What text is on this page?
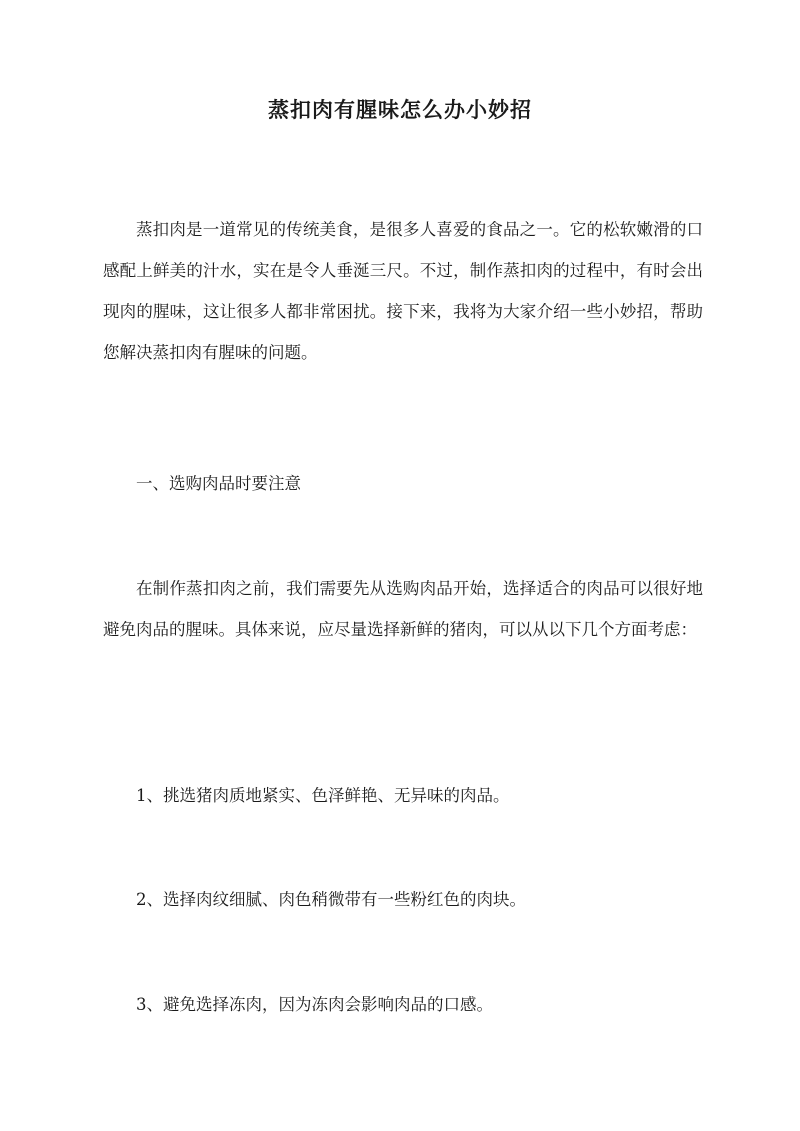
蒸扣肉有腥味怎么办小妙招

蒸扣肉是一道常见的传统美食，是很多人喜爱的食品之一。它的松软嫩滑的口感配上鲜美的汁水，实在是令人垂涎三尺。不过，制作蒸扣肉的过程中，有时会出现肉的腥味，这让很多人都非常困扰。接下来，我将为大家介绍一些小妙招，帮助您解决蒸扣肉有腥味的问题。

一、选购肉品时要注意

在制作蒸扣肉之前，我们需要先从选购肉品开始，选择适合的肉品可以很好地避免肉品的腥味。具体来说，应尽量选择新鲜的猪肉，可以从以下几个方面考虑：

1、挑选猪肉质地紧实、色泽鲜艳、无异味的肉品。

2、选择肉纹细腻、肉色稍微带有一些粉红色的肉块。

3、避免选择冻肉，因为冻肉会影响肉品的口感。
